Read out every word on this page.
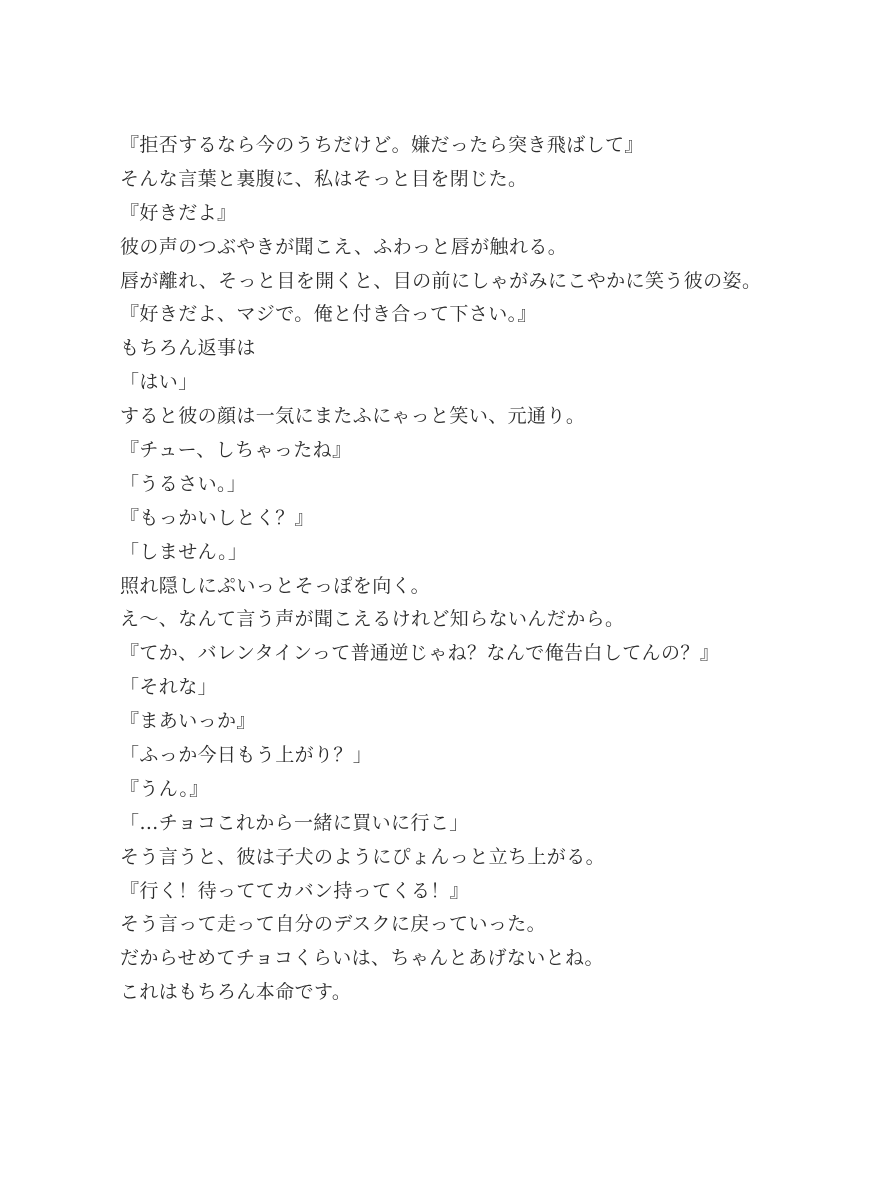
『拒否するなら今のうちだけど。嫌だったら突き飛ばして』
そんな言葉と裏腹に、私はそっと目を閉じた。
『好きだよ』
彼の声のつぶやきが聞こえ、ふわっと唇が触れる。
唇が離れ、そっと目を開くと、目の前にしゃがみにこやかに笑う彼の姿。
『好きだよ、マジで。俺と付き合って下さい。』
もちろん返事は
「はい」
すると彼の顔は一気にまたふにゃっと笑い、元通り。
『チュー、しちゃったね』
「うるさい。」
『もっかいしとく？』
「しません。」
照れ隠しにぷいっとそっぽを向く。
え〜、なんて言う声が聞こえるけれど知らないんだから。
『てか、バレンタインって普通逆じゃね？なんで俺告白してんの？』
「それな」
『まあいっか』
「ふっか今日もう上がり？」
『うん。』
「…チョコこれから一緒に買いに行こ」
そう言うと、彼は子犬のようにぴょんっと立ち上がる。
『行く！待っててカバン持ってくる！』
そう言って走って自分のデスクに戻っていった。
だからせめてチョコくらいは、ちゃんとあげないとね。
これはもちろん本命です。
